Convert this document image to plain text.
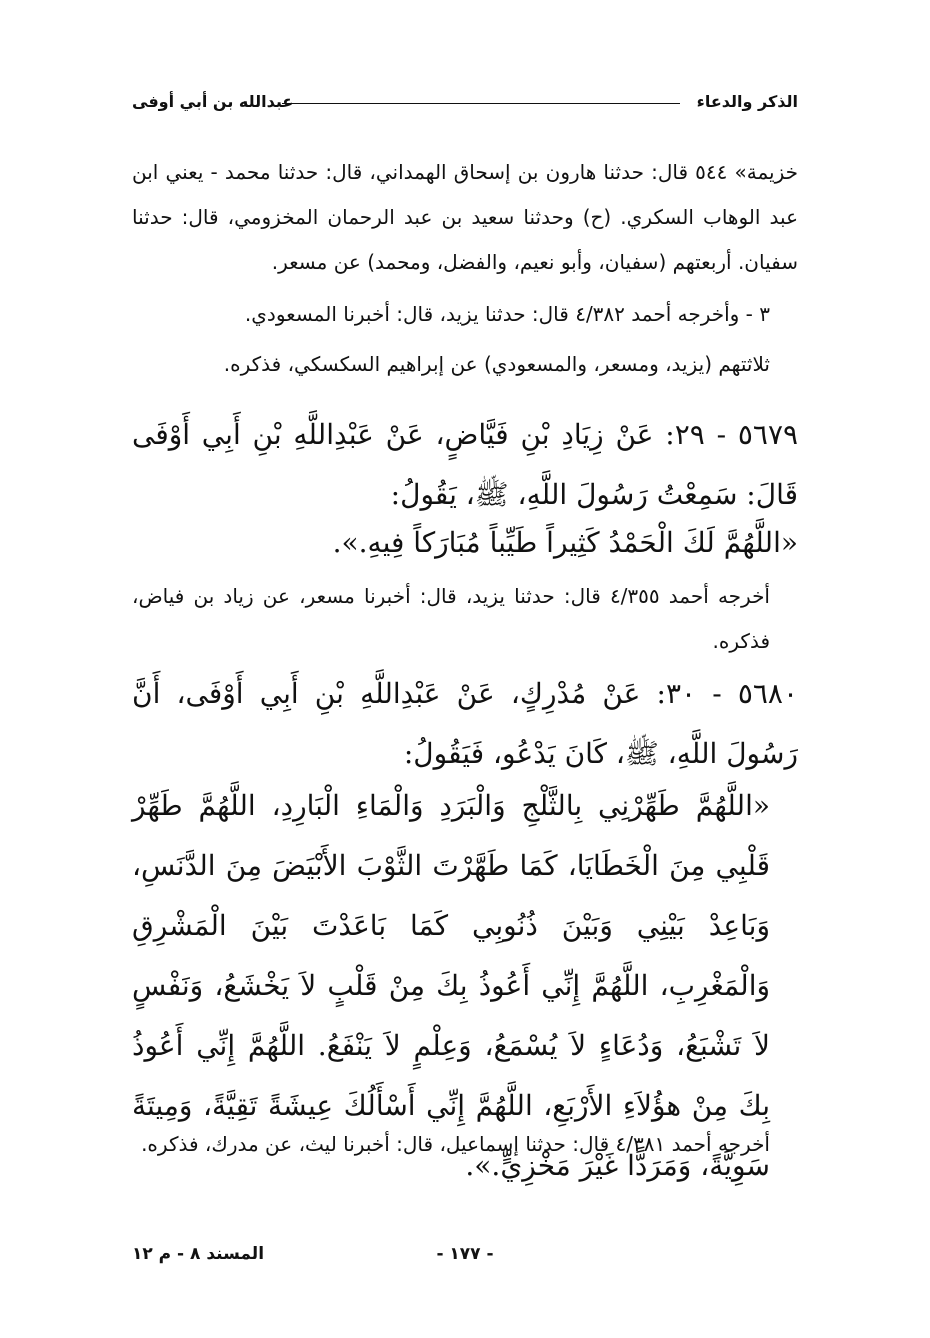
الذكر والدعاء
عبدالله بن أبي أوفى
خزيمة» ٥٤٤ قال: حدثنا هارون بن إسحاق الهمداني، قال: حدثنا محمد - يعني ابن عبد الوهاب السكري. (ح) وحدثنا سعيد بن عبد الرحمان المخزومي، قال: حدثنا سفيان. أربعتهم (سفيان، وأبو نعيم، والفضل، ومحمد) عن مسعر.
٣ - وأخرجه أحمد ٤/٣٨٢ قال: حدثنا يزيد، قال: أخبرنا المسعودي.
ثلاثتهم (يزيد، ومسعر، والمسعودي) عن إبراهيم السكسكي، فذكره.
٥٦٧٩ - ٢٩: عَنْ زِيَادِ بْنِ فَيَّاضٍ، عَنْ عَبْدِاللَّهِ بْنِ أَبِي أَوْفَى قَالَ: سَمِعْتُ رَسُولَ اللَّهِ، ﷺ، يَقُولُ:
«اللَّهُمَّ لَكَ الْحَمْدُ كَثِيراً طَيِّباً مُبَارَكاً فِيهِ.».
أخرجه أحمد ٤/٣٥٥ قال: حدثنا يزيد، قال: أخبرنا مسعر، عن زياد بن فياض، فذكره.
٥٦٨٠ - ٣٠: عَنْ مُدْرِكٍ، عَنْ عَبْدِاللَّهِ بْنِ أَبِي أَوْفَى، أَنَّ رَسُولَ اللَّهِ، ﷺ، كَانَ يَدْعُو، فَيَقُولُ:
«اللَّهُمَّ طَهِّرْنِي بِالثَّلْجِ وَالْبَرَدِ وَالْمَاءِ الْبَارِدِ، اللَّهُمَّ طَهِّرْ قَلْبِي مِنَ الْخَطَايَا، كَمَا طَهَّرْتَ الثَّوْبَ الأَبْيَضَ مِنَ الدَّنَسِ، وَبَاعِدْ بَيْنِي وَبَيْنَ ذُنُوبِي كَمَا بَاعَدْتَ بَيْنَ الْمَشْرِقِ وَالْمَغْرِبِ، اللَّهُمَّ إِنِّي أَعُوذُ بِكَ مِنْ قَلْبٍ لاَ يَخْشَعُ، وَنَفْسٍ لاَ تَشْبَعُ، وَدُعَاءٍ لاَ يُسْمَعُ، وَعِلْمٍ لاَ يَنْفَعُ. اللَّهُمَّ إِنِّي أَعُوذُ بِكَ مِنْ هؤُلاَءِ الأَرْبَعِ، اللَّهُمَّ إِنِّي أَسْأَلُكَ عِيشَةً تَقِيَّةً، وَمِيتَةً سَوِيَّةً، وَمَرَدًّا غَيْرَ مَخْزِيٍّ.».
أخرجه أحمد ٤/٣٨١ قال: حدثنا إسماعيل، قال: أخبرنا ليث، عن مدرك، فذكره.
- ١٧٧ -
المسند ٨ - م ١٢
